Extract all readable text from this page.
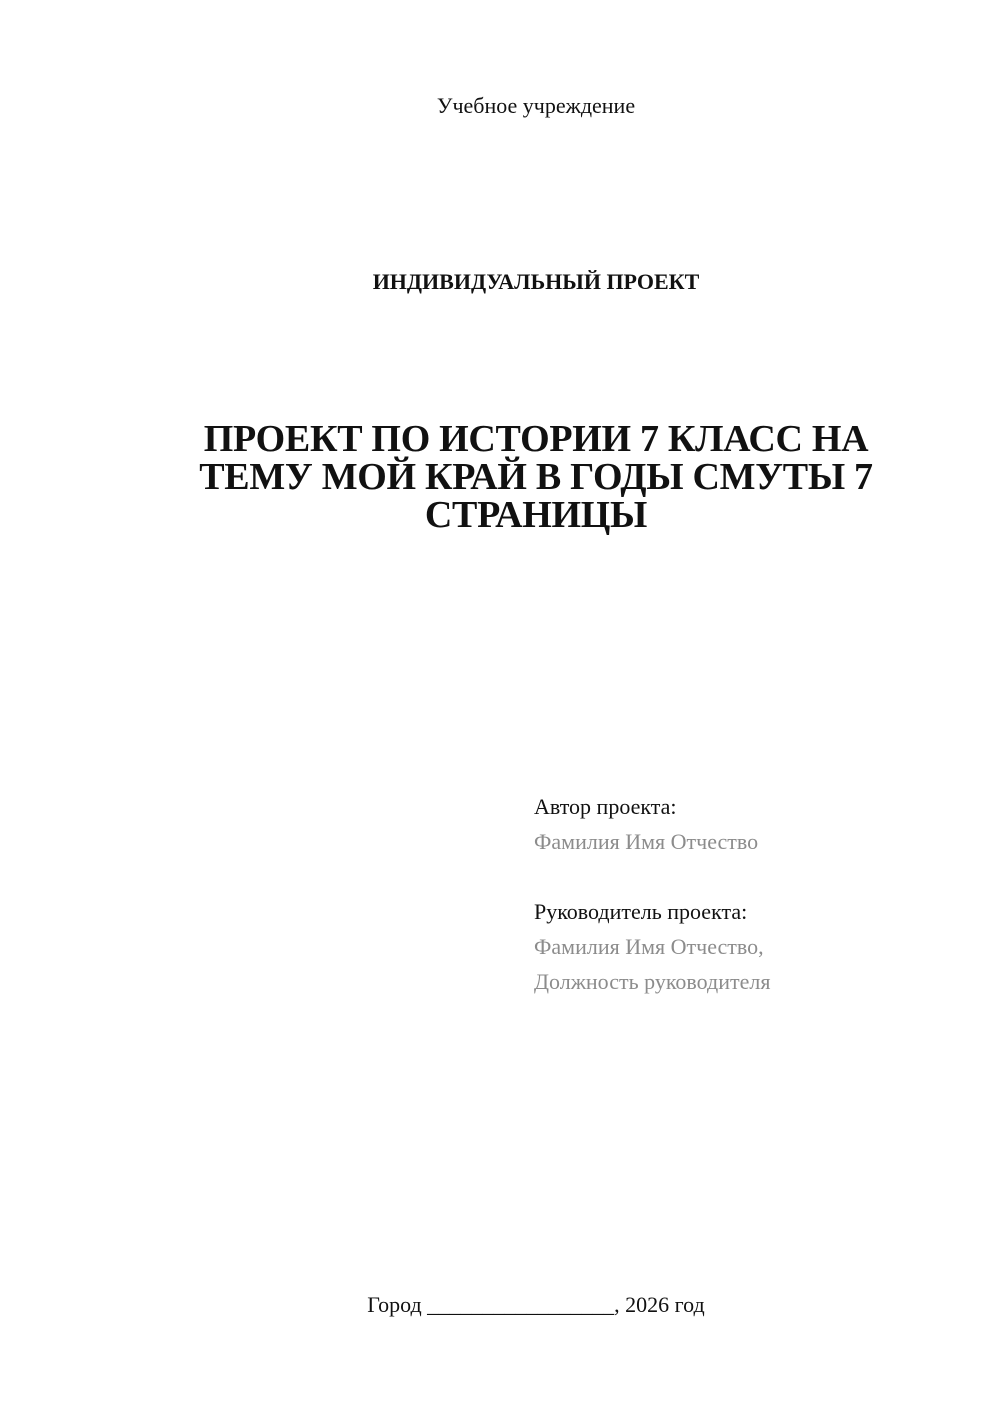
Учебное учреждение
ИНДИВИДУАЛЬНЫЙ ПРОЕКТ
ПРОЕКТ ПО ИСТОРИИ 7 КЛАСС НА
ТЕМУ МОЙ КРАЙ В ГОДЫ СМУТЫ 7
СТРАНИЦЫ
Автор проекта:
Фамилия Имя Отчество
Руководитель проекта:
Фамилия Имя Отчество,
Должность руководителя
Город _________________, 2026 год
